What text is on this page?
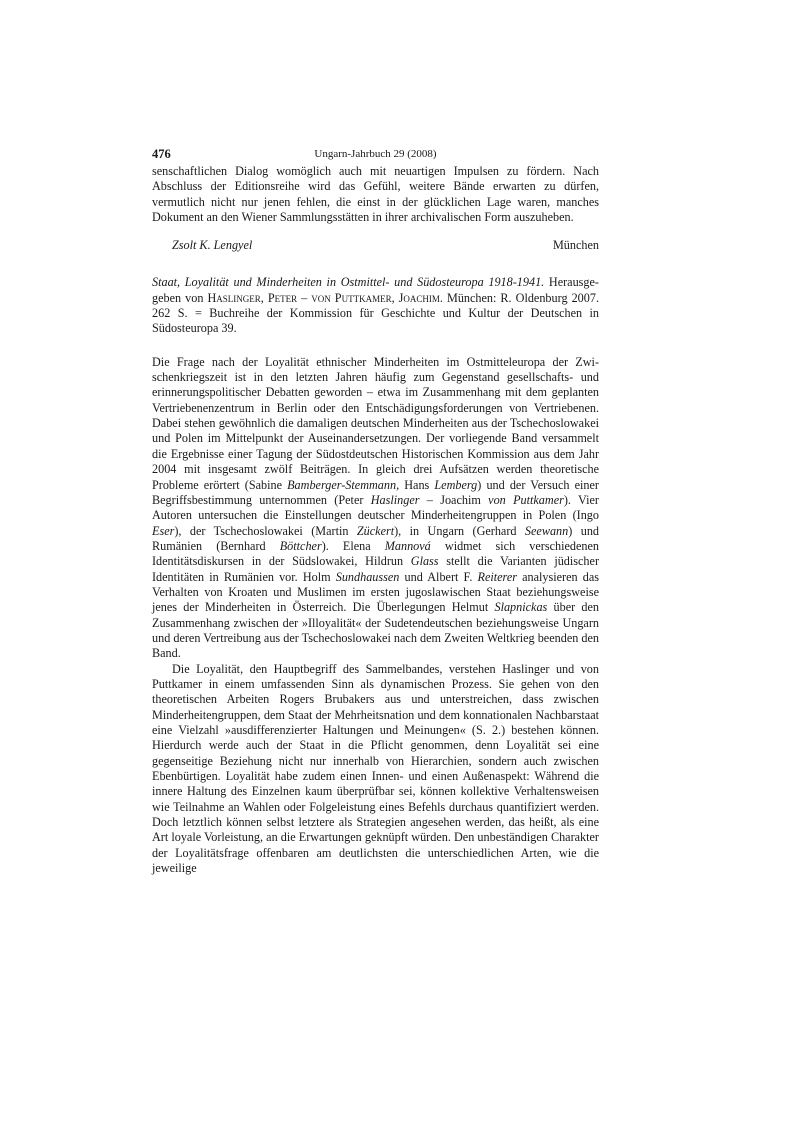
476	Ungarn-Jahrbuch 29 (2008)

senschaftlichen Dialog womöglich auch mit neuartigen Impulsen zu fördern. Nach Abschluss der Editionsreihe wird das Gefühl, weitere Bände erwarten zu dürfen, vermutlich nicht nur jenen fehlen, die einst in der glücklichen Lage waren, manches Dokument an den Wiener Sammlungsstätten in ihrer archivalischen Form auszuheben.

Zsolt K. Lengyel	München

Staat, Loyalität und Minderheiten in Ostmittel- und Südosteuropa 1918-1941. Herausgegeben von Haslinger, Peter – von Puttkamer, Joachim. München: R. Oldenburg 2007. 262 S. = Buchreihe der Kommission für Geschichte und Kultur der Deutschen in Südosteuropa 39.

Die Frage nach der Loyalität ethnischer Minderheiten im Ostmitteleuropa der Zwischenkriegszeit ist in den letzten Jahren häufig zum Gegenstand gesellschafts- und erinnerungspolitischer Debatten geworden – etwa im Zusammenhang mit dem geplanten Vertriebenenzentrum in Berlin oder den Entschädigungsforderungen von Vertriebenen. Dabei stehen gewöhnlich die damaligen deutschen Minderheiten aus der Tschechoslowakei und Polen im Mittelpunkt der Auseinandersetzungen. Der vorliegende Band versammelt die Ergebnisse einer Tagung der Südostdeutschen Historischen Kommission aus dem Jahr 2004 mit insgesamt zwölf Beiträgen. In gleich drei Aufsätzen werden theoretische Probleme erörtert (Sabine Bamberger-Stemmann, Hans Lemberg) und der Versuch einer Begriffsbestimmung unternommen (Peter Haslinger – Joachim von Puttkamer). Vier Autoren untersuchen die Einstellungen deutscher Minderheitengruppen in Polen (Ingo Eser), der Tschechoslowakei (Martin Zückert), in Ungarn (Gerhard Seewann) und Rumänien (Bernhard Böttcher). Elena Mannová widmet sich verschiedenen Identitätsdiskursen in der Südslowakei, Hildrun Glass stellt die Varianten jüdischer Identitäten in Rumänien vor. Holm Sundhaussen und Albert F. Reiterer analysieren das Verhalten von Kroaten und Muslimen im ersten jugoslawischen Staat beziehungsweise jenes der Minderheiten in Österreich. Die Überlegungen Helmut Slapnickas über den Zusammenhang zwischen der »Illoyalität« der Sudetendeutschen beziehungsweise Ungarn und deren Vertreibung aus der Tschechoslowakei nach dem Zweiten Weltkrieg beenden den Band.

Die Loyalität, den Hauptbegriff des Sammelbandes, verstehen Haslinger und von Puttkamer in einem umfassenden Sinn als dynamischen Prozess. Sie gehen von den theoretischen Arbeiten Rogers Brubakers aus und unterstreichen, dass zwischen Minderheitengruppen, dem Staat der Mehrheitsnation und dem konnationalen Nachbarstaat eine Vielzahl »ausdifferenzierter Haltungen und Meinungen« (S. 2.) bestehen können. Hierdurch werde auch der Staat in die Pflicht genommen, denn Loyalität sei eine gegenseitige Beziehung nicht nur innerhalb von Hierarchien, sondern auch zwischen Ebenbürtigen. Loyalität habe zudem einen Innen- und einen Außenaspekt: Während die innere Haltung des Einzelnen kaum überprüfbar sei, können kollektive Verhaltensweisen wie Teilnahme an Wahlen oder Folgeleistung eines Befehls durchaus quantifiziert werden. Doch letztlich können selbst letztere als Strategien angesehen werden, das heißt, als eine Art loyale Vorleistung, an die Erwartungen geknüpft würden. Den unbeständigen Charakter der Loyalitätsfrage offenbaren am deutlichsten die unterschiedlichen Arten, wie die jeweilige
